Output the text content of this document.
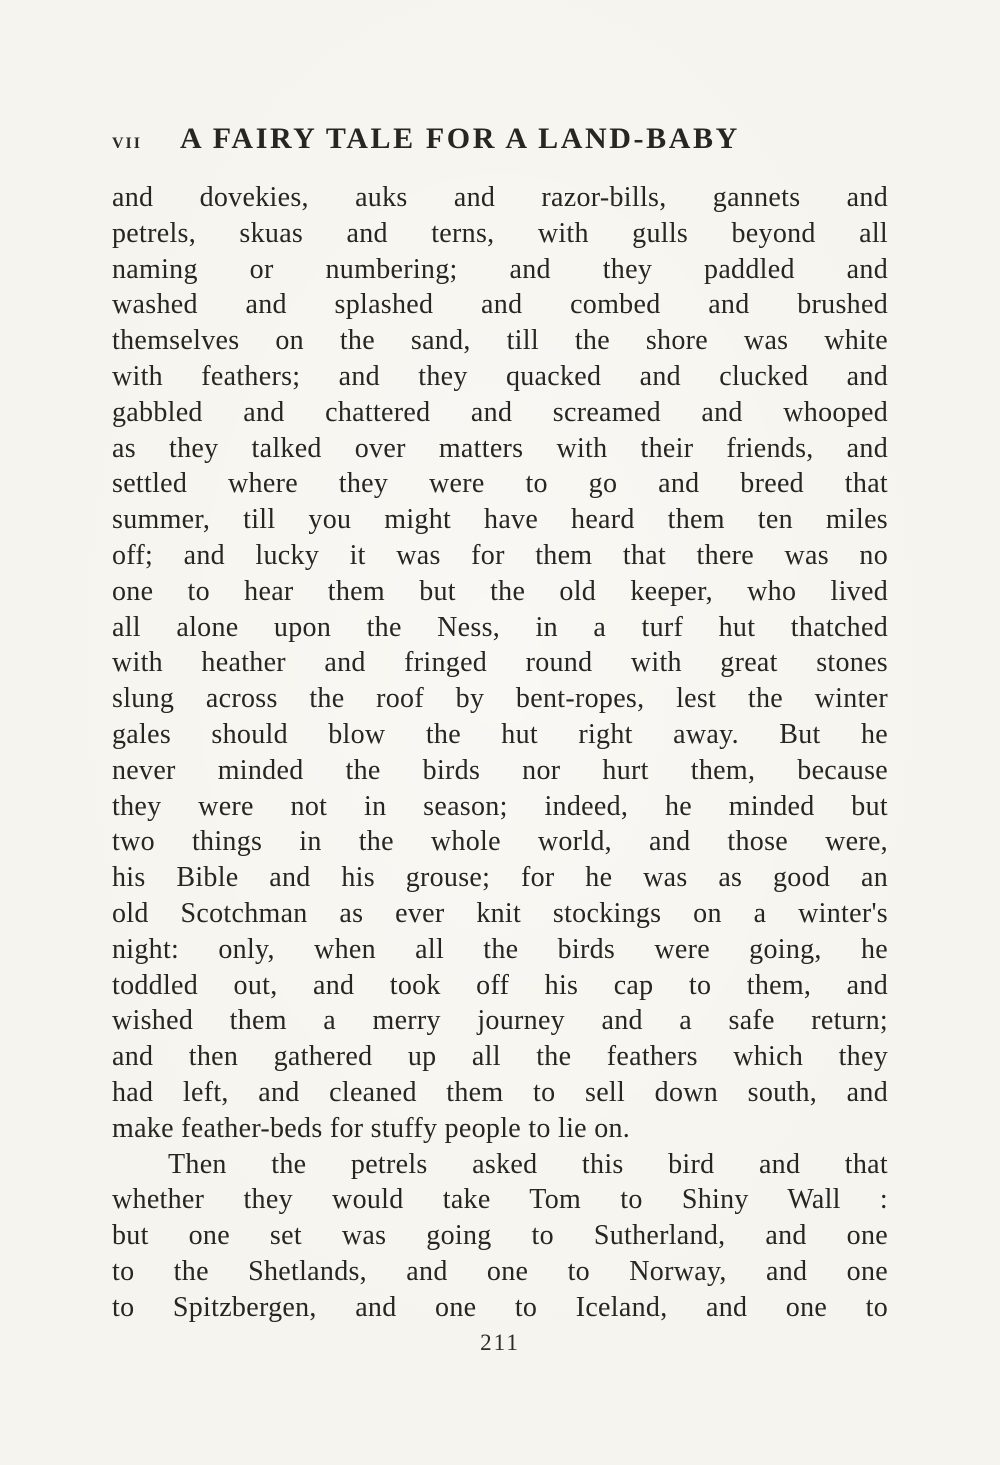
vii A FAIRY TALE FOR A LAND-BABY
and dovekies, auks and razor-bills, gannets and
petrels, skuas and terns, with gulls beyond all
naming or numbering; and they paddled and
washed and splashed and combed and brushed
themselves on the sand, till the shore was white
with feathers; and they quacked and clucked and
gabbled and chattered and screamed and whooped
as they talked over matters with their friends, and
settled where they were to go and breed that
summer, till you might have heard them ten miles
off; and lucky it was for them that there was no
one to hear them but the old keeper, who lived
all alone upon the Ness, in a turf hut thatched
with heather and fringed round with great stones
slung across the roof by bent-ropes, lest the winter
gales should blow the hut right away. But he
never minded the birds nor hurt them, because
they were not in season; indeed, he minded but
two things in the whole world, and those were,
his Bible and his grouse; for he was as good an
old Scotchman as ever knit stockings on a winter's
night: only, when all the birds were going, he
toddled out, and took off his cap to them, and
wished them a merry journey and a safe return;
and then gathered up all the feathers which they
had left, and cleaned them to sell down south, and
make feather-beds for stuffy people to lie on.
Then the petrels asked this bird and that
whether they would take Tom to Shiny Wall :
but one set was going to Sutherland, and one
to the Shetlands, and one to Norway, and one
to Spitzbergen, and one to Iceland, and one to
211
